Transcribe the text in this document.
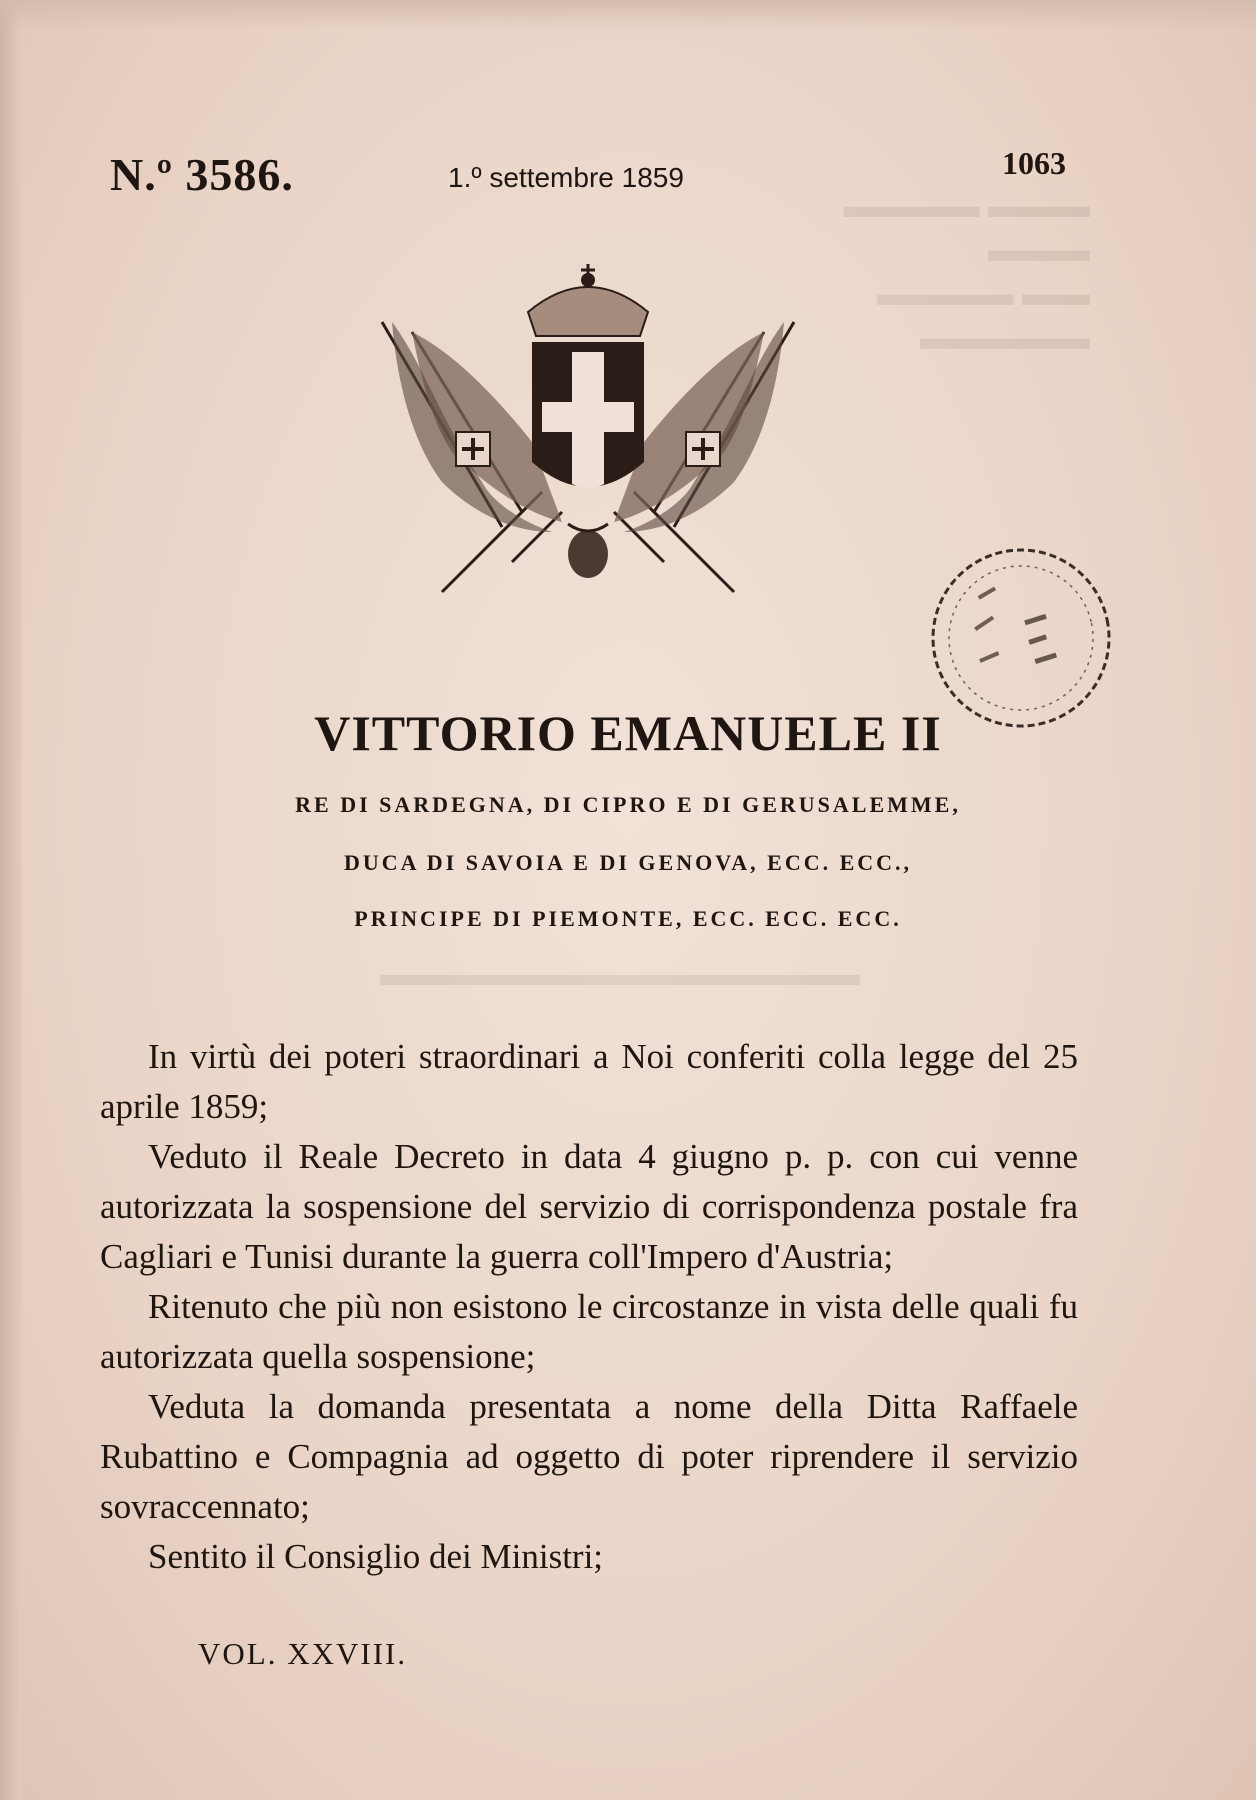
▬▬▬ ▬▬▬▬ ▬▬▬
▬▬ ▬▬▬▬ ▬▬▬▬▬
N.º 3586.	1.º settembre 1859	1063
VITTORIO EMANUELE II
RE DI SARDEGNA, DI CIPRO E DI GERUSALEMME,
DUCA DI SAVOIA E DI GENOVA, ECC. ECC.,
PRINCIPE DI PIEMONTE, ECC. ECC. ECC.

In virtù dei poteri straordinari a Noi conferiti colla legge del 25 aprile 1859;

Veduto il Reale Decreto in data 4 giugno p. p. con cui venne autorizzata la sospensione del servizio di corrispondenza postale fra Cagliari e Tunisi durante la guerra coll'Impero d'Austria;

Ritenuto che più non esistono le circostanze in vista delle quali fu autorizzata quella sospensione;

Veduta la domanda presentata a nome della Ditta Raffaele Rubattino e Compagnia ad oggetto di poter riprendere il servizio sovraccennato;

Sentito il Consiglio dei Ministri;

VOL. XXVIII.
